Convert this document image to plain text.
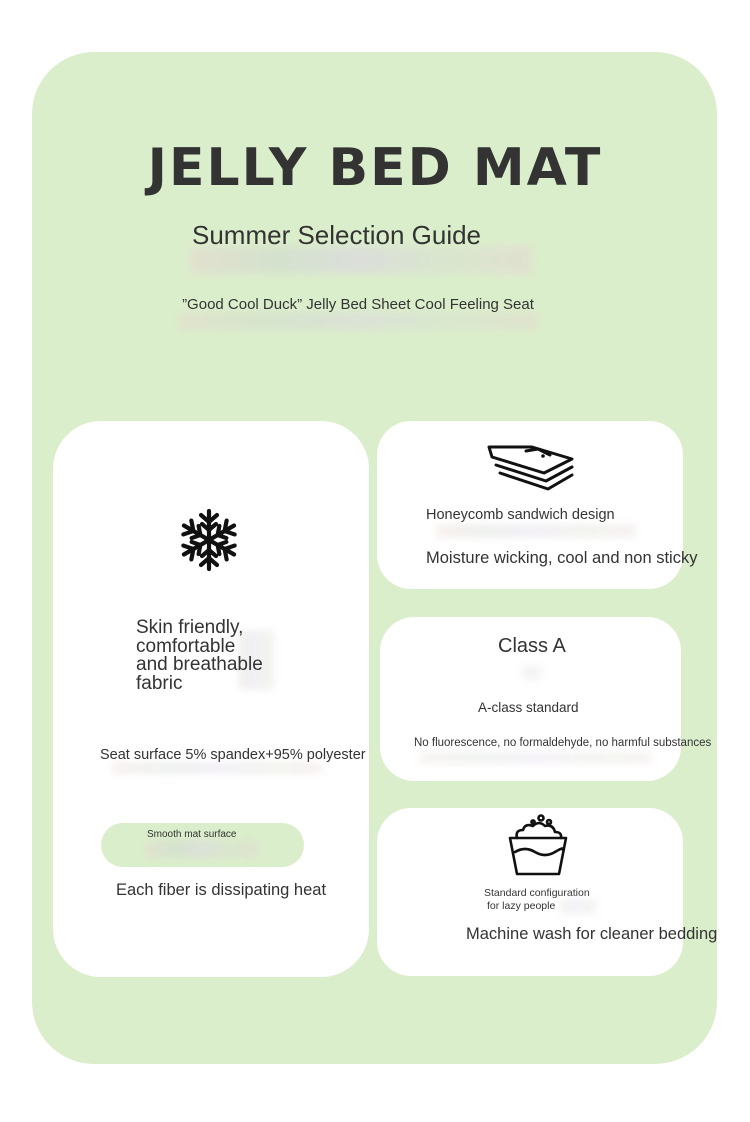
JELLY BED MAT
Summer Selection Guide
”Good Cool Duck” Jelly Bed Sheet Cool Feeling Seat
Skin friendly,
comfortable
and breathable
fabric
Seat surface 5% spandex+95% polyester
Smooth mat surface
Each fiber is dissipating heat
Honeycomb sandwich design
Moisture wicking, cool and non sticky
Class A
A-class standard
No fluorescence, no formaldehyde, no harmful substances
Standard configuration
for lazy people
Machine wash for cleaner bedding
